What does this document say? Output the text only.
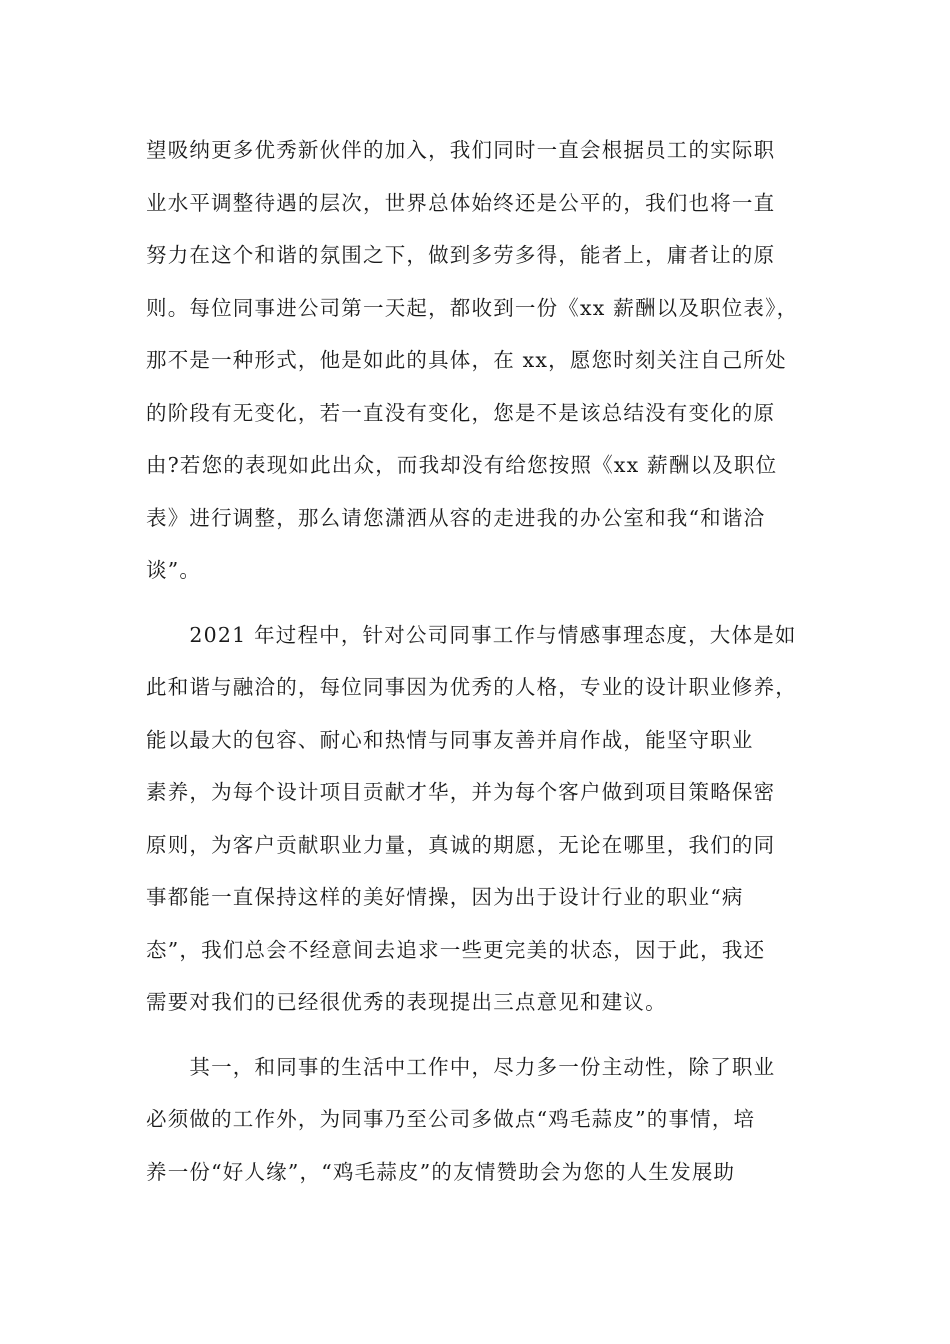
望吸纳更多优秀新伙伴的加入，我们同时一直会根据员工的实际职
业水平调整待遇的层次，世界总体始终还是公平的，我们也将一直
努力在这个和谐的氛围之下，做到多劳多得，能者上，庸者让的原
则。每位同事进公司第一天起，都收到一份《xx 薪酬以及职位表》，
那不是一种形式，他是如此的具体，在 xx，愿您时刻关注自己所处
的阶段有无变化，若一直没有变化，您是不是该总结没有变化的原
由?若您的表现如此出众，而我却没有给您按照《xx 薪酬以及职位
表》进行调整，那么请您潇洒从容的走进我的办公室和我“和谐洽
谈”。
　　2021 年过程中，针对公司同事工作与情感事理态度，大体是如
此和谐与融洽的，每位同事因为优秀的人格，专业的设计职业修养，
能以最大的包容、耐心和热情与同事友善并肩作战，能坚守职业
素养，为每个设计项目贡献才华，并为每个客户做到项目策略保密
原则，为客户贡献职业力量，真诚的期愿，无论在哪里，我们的同
事都能一直保持这样的美好情操，因为出于设计行业的职业“病
态”，我们总会不经意间去追求一些更完美的状态，因于此，我还
需要对我们的已经很优秀的表现提出三点意见和建议。
　　其一，和同事的生活中工作中，尽力多一份主动性，除了职业
必须做的工作外，为同事乃至公司多做点“鸡毛蒜皮”的事情，培
养一份“好人缘”，“鸡毛蒜皮”的友情赞助会为您的人生发展助
